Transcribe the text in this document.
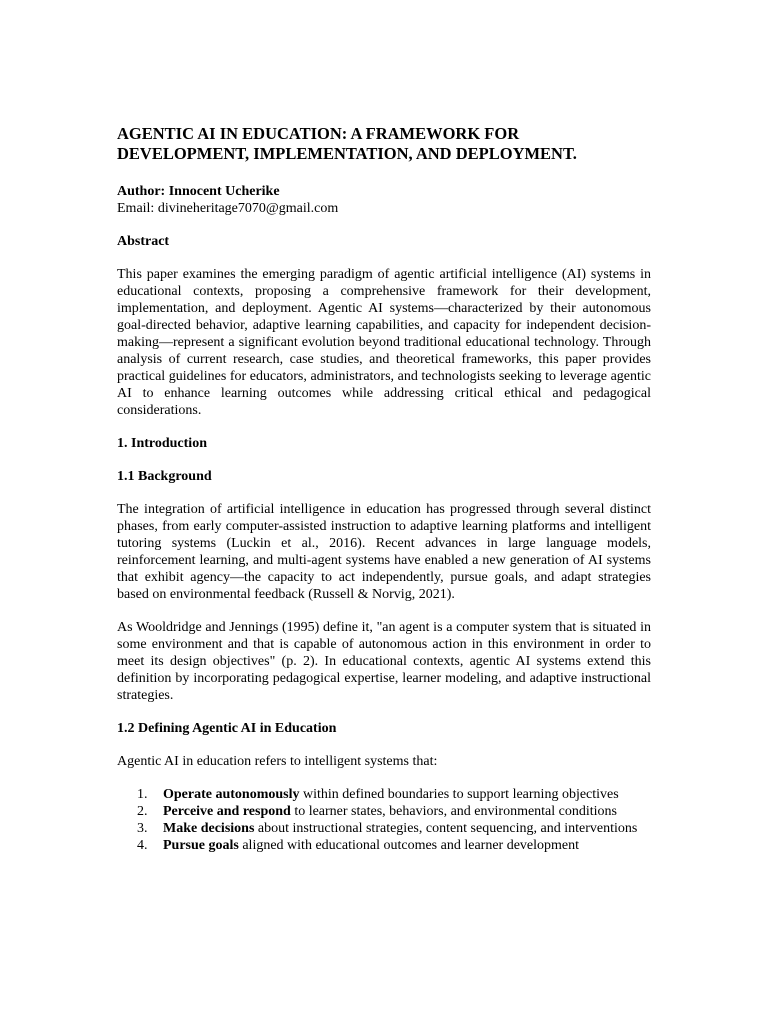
AGENTIC AI IN EDUCATION: A FRAMEWORK FOR DEVELOPMENT, IMPLEMENTATION, AND DEPLOYMENT.
Author: Innocent Ucherike
Email: divineheritage7070@gmail.com
Abstract

This paper examines the emerging paradigm of agentic artificial intelligence (AI) systems in educational contexts, proposing a comprehensive framework for their development, implementation, and deployment. Agentic AI systems—characterized by their autonomous goal-directed behavior, adaptive learning capabilities, and capacity for independent decision-making—represent a significant evolution beyond traditional educational technology. Through analysis of current research, case studies, and theoretical frameworks, this paper provides practical guidelines for educators, administrators, and technologists seeking to leverage agentic AI to enhance learning outcomes while addressing critical ethical and pedagogical considerations.

1. Introduction
1.1 Background

The integration of artificial intelligence in education has progressed through several distinct phases, from early computer-assisted instruction to adaptive learning platforms and intelligent tutoring systems (Luckin et al., 2016). Recent advances in large language models, reinforcement learning, and multi-agent systems have enabled a new generation of AI systems that exhibit agency—the capacity to act independently, pursue goals, and adapt strategies based on environmental feedback (Russell & Norvig, 2021).

As Wooldridge and Jennings (1995) define it, "an agent is a computer system that is situated in some environment and that is capable of autonomous action in this environment in order to meet its design objectives" (p. 2). In educational contexts, agentic AI systems extend this definition by incorporating pedagogical expertise, learner modeling, and adaptive instructional strategies.

1.2 Defining Agentic AI in Education

Agentic AI in education refers to intelligent systems that:

1. Operate autonomously within defined boundaries to support learning objectives
2. Perceive and respond to learner states, behaviors, and environmental conditions
3. Make decisions about instructional strategies, content sequencing, and interventions
4. Pursue goals aligned with educational outcomes and learner development
